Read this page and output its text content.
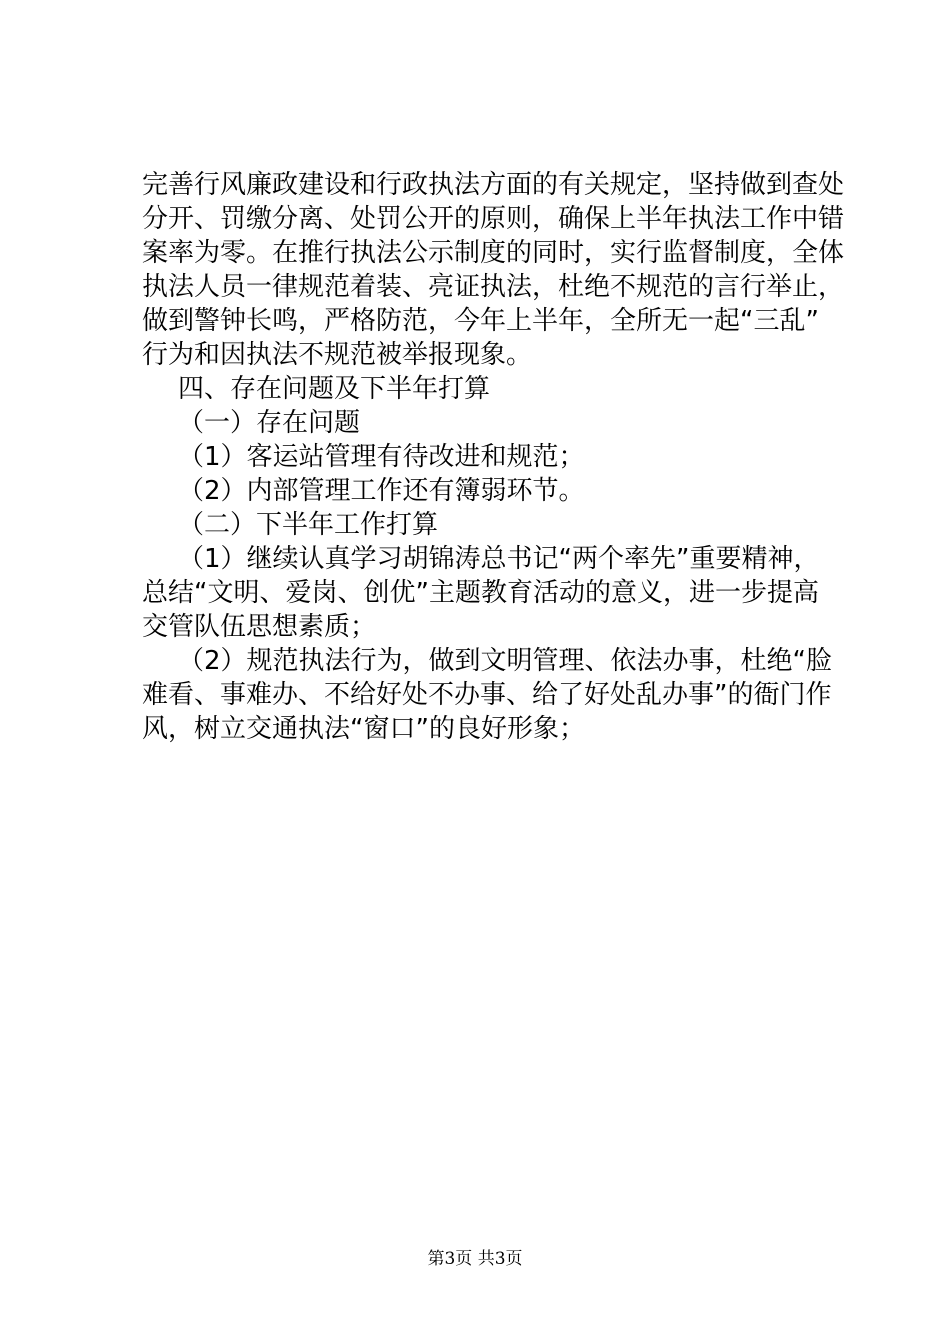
完善行风廉政建设和行政执法方面的有关规定，坚持做到查处
分开、罚缴分离、处罚公开的原则，确保上半年执法工作中错
案率为零。在推行执法公示制度的同时，实行监督制度，全体
执法人员一律规范着装、亮证执法，杜绝不规范的言行举止，
做到警钟长鸣，严格防范，今年上半年，全所无一起“三乱”
行为和因执法不规范被举报现象。
四、存在问题及下半年打算
（一）存在问题
（1）客运站管理有待改进和规范；
（2）内部管理工作还有簿弱环节。
（二）下半年工作打算
（1）继续认真学习胡锦涛总书记“两个率先”重要精神，
总结“文明、爱岗、创优”主题教育活动的意义，进一步提高
交管队伍思想素质；
（2）规范执法行为，做到文明管理、依法办事，杜绝“脸
难看、事难办、不给好处不办事、给了好处乱办事”的衙门作
风，树立交通执法“窗口”的良好形象；
第3页 共3页
